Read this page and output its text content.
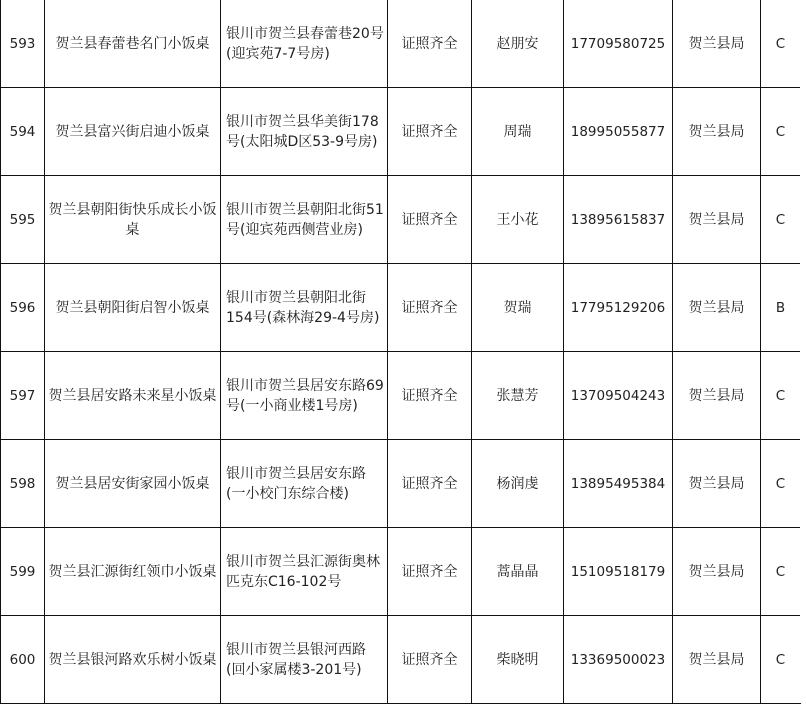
593	贺兰县春蕾巷名门小饭桌	银川市贺兰县春蕾巷20号(迎宾苑7-7号房)	证照齐全	赵朋安	17709580725	贺兰县局	C
594	贺兰县富兴街启迪小饭桌	银川市贺兰县华美街178号(太阳城D区53-9号房)	证照齐全	周瑞	18995055877	贺兰县局	C
595	贺兰县朝阳街快乐成长小饭桌	银川市贺兰县朝阳北街51号(迎宾苑西侧营业房)	证照齐全	王小花	13895615837	贺兰县局	C
596	贺兰县朝阳街启智小饭桌	银川市贺兰县朝阳北街154号(森林海29-4号房)	证照齐全	贺瑞	17795129206	贺兰县局	B
597	贺兰县居安路未来星小饭桌	银川市贺兰县居安东路69号(一小商业楼1号房)	证照齐全	张慧芳	13709504243	贺兰县局	C
598	贺兰县居安街家园小饭桌	银川市贺兰县居安东路(一小校门东综合楼)	证照齐全	杨润虔	13895495384	贺兰县局	C
599	贺兰县汇源街红领巾小饭桌	银川市贺兰县汇源街奥林匹克东C16-102号	证照齐全	蒿晶晶	15109518179	贺兰县局	C
600	贺兰县银河路欢乐树小饭桌	银川市贺兰县银河西路(回小家属楼3-201号)	证照齐全	柴晓明	13369500023	贺兰县局	C
